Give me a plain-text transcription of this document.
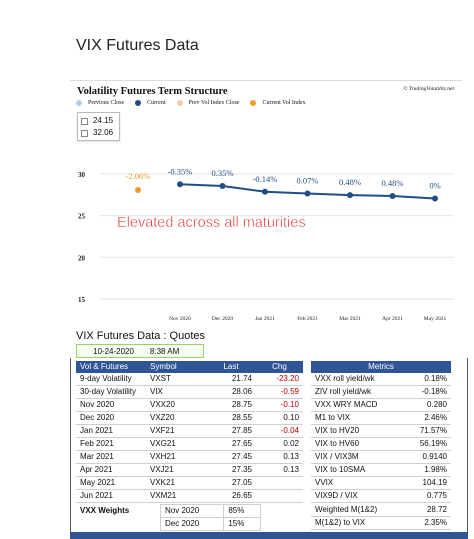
VIX Futures Data
Volatility Futures Term Structure	© TradingVolatility.net
Previous Close	Current	Prev Vol Index Close	Current Vol Index
24.15
32.06
15
20
25
30
Nov 2020	Dec 2020	Jan 2021	Feb 2021	Mar 2021	Apr 2021	May 2021
-0.35% 0.35%
-0.14% 0.07% 0.48% 0.48%	0%
-2.06%
Elevated across all maturities
VIX Futures Data : Quotes
10-24-2020	8:38 AM
Vol & Futures	Symbol	Last	Chg
9-day Volatility	VXST	21.74	-23.20
30-day Volatility	VIX	28.06	-0.59
Nov 2020	VXX20	28.75	-0.10
Dec 2020	VXZ20	28.55	0.10
Jan 2021	VXF21	27.85	-0.04
Feb 2021	VXG21	27.65	0.02
Mar 2021	VXH21	27.45	0.13
Apr 2021	VXJ21	27.35	0.13
May 2021	VXK21	27.05	
Jun 2021	VXM21	26.65	
Metrics	
VXX roll yield/wk	0.18%
ZIV roll yield/wk	-0.18%
VXX WRY MACD	0.280
M1 to VIX	2.46%
VIX to HV20	71.57%
VIX to HV60	56.19%
VIX / VIX3M	0.9140
VIX to 10SMA	1.98%
VVIX	104.19
VIX9D / VIX	0.775
VXX Weights	Nov 2020	85%
	Dec 2020	15%
Weighted M(1&2)	28.72
M(1&2) to VIX	2.35%
